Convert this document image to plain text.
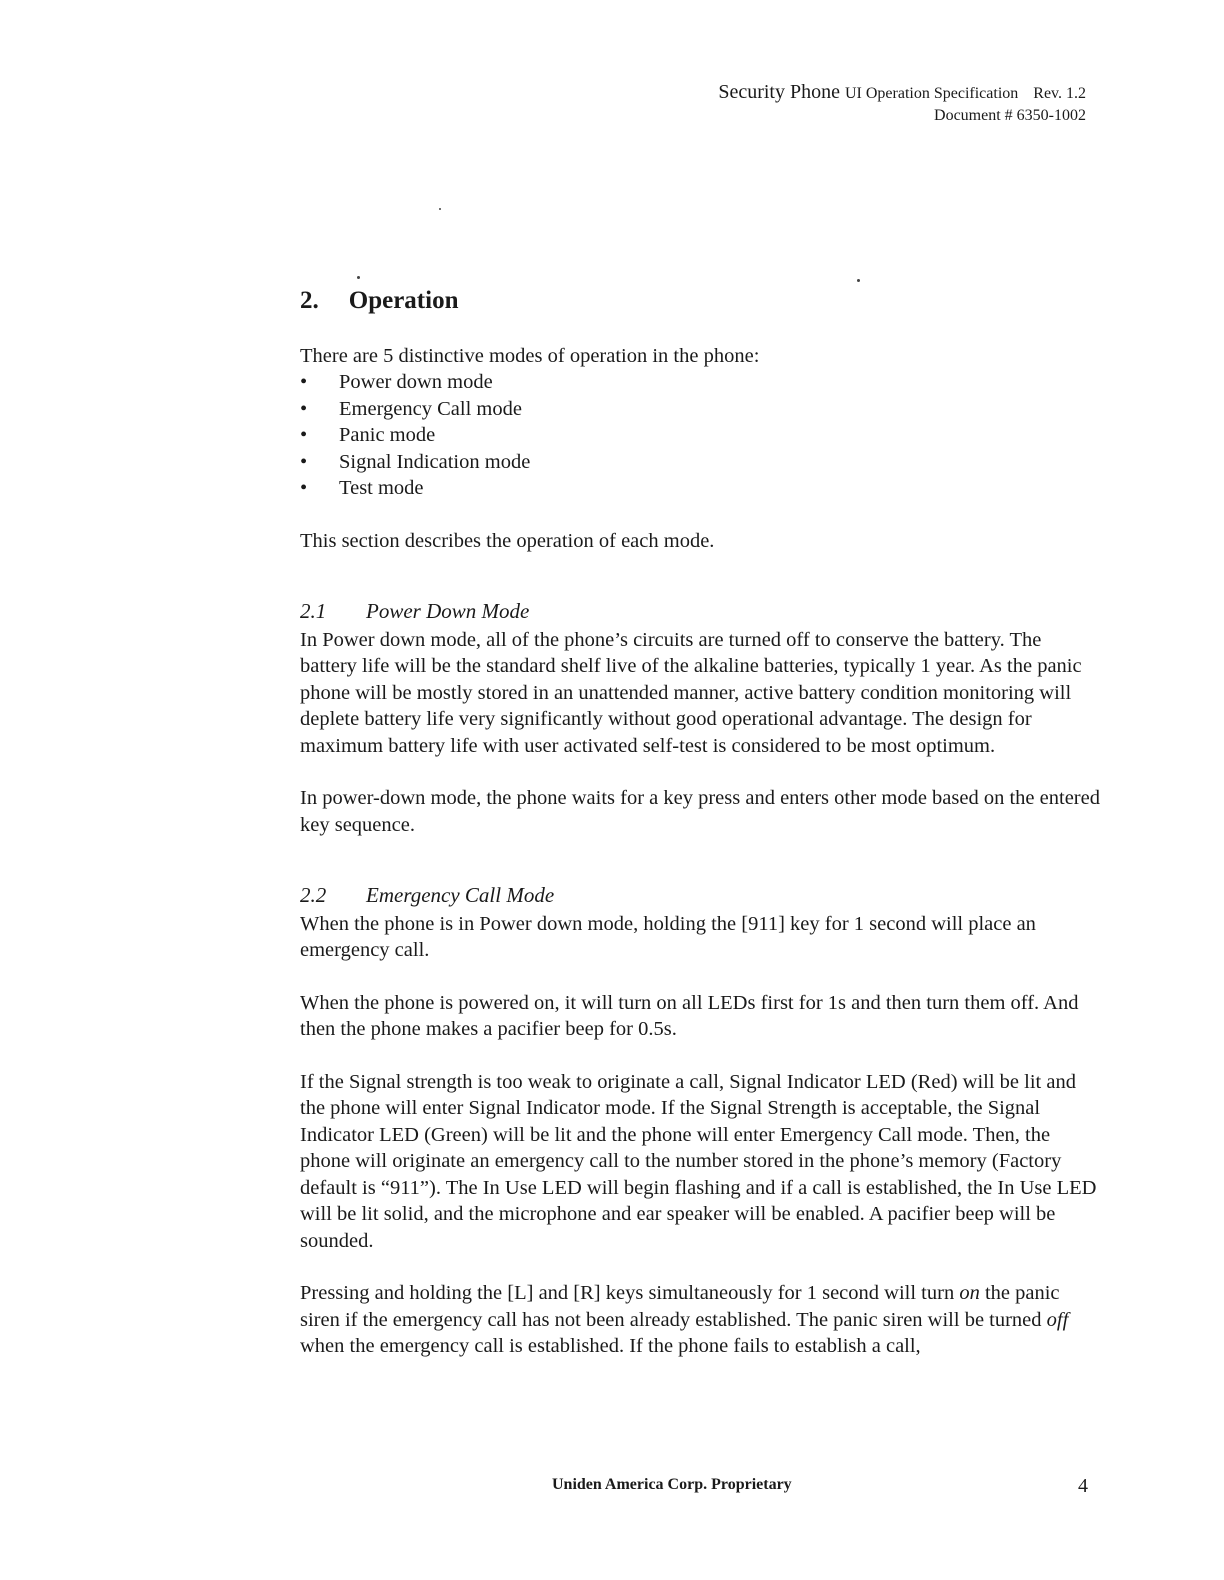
Security Phone UI Operation Specification Rev. 1.2
Document # 6350-1002
2. Operation

There are 5 distinctive modes of operation in the phone:

•	Power down mode
•	Emergency Call mode
•	Panic mode
•	Signal Indication mode
•	Test mode

This section describes the operation of each mode.

2.1	Power Down Mode

In Power down mode, all of the phone’s circuits are turned off to conserve the battery. The battery life will be the standard shelf live of the alkaline batteries, typically 1 year. As the panic phone will be mostly stored in an unattended manner, active battery condition monitoring will deplete battery life very significantly without good operational advantage. The design for maximum battery life with user activated self-test is considered to be most optimum.

In power-down mode, the phone waits for a key press and enters other mode based on the entered key sequence.

2.2	Emergency Call Mode

When the phone is in Power down mode, holding the [911] key for 1 second will place an emergency call.

When the phone is powered on, it will turn on all LEDs first for 1s and then turn them off. And then the phone makes a pacifier beep for 0.5s.

If the Signal strength is too weak to originate a call, Signal Indicator LED (Red) will be lit and the phone will enter Signal Indicator mode. If the Signal Strength is acceptable, the Signal Indicator LED (Green) will be lit and the phone will enter Emergency Call mode. Then, the phone will originate an emergency call to the number stored in the phone’s memory (Factory default is “911”). The In Use LED will begin flashing and if a call is established, the In Use LED will be lit solid, and the microphone and ear speaker will be enabled. A pacifier beep will be sounded.

Pressing and holding the [L] and [R] keys simultaneously for 1 second will turn on the panic siren if the emergency call has not been already established. The panic siren will be turned off when the emergency call is established. If the phone fails to establish a call,

Uniden America Corp. Proprietary	4
